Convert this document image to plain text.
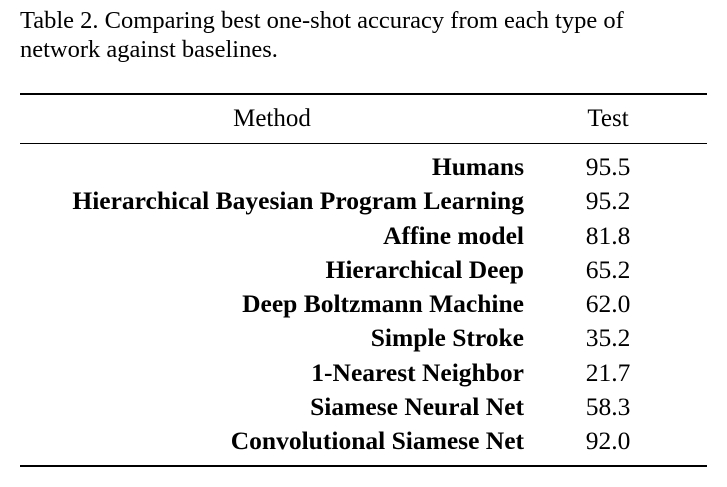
Table 2. Comparing best one-shot accuracy from each type of network against baselines.

Method	Test
Humans	95.5
Hierarchical Bayesian Program Learning	95.2
Affine model	81.8
Hierarchical Deep	65.2
Deep Boltzmann Machine	62.0
Simple Stroke	35.2
1-Nearest Neighbor	21.7
Siamese Neural Net	58.3
Convolutional Siamese Net	92.0
